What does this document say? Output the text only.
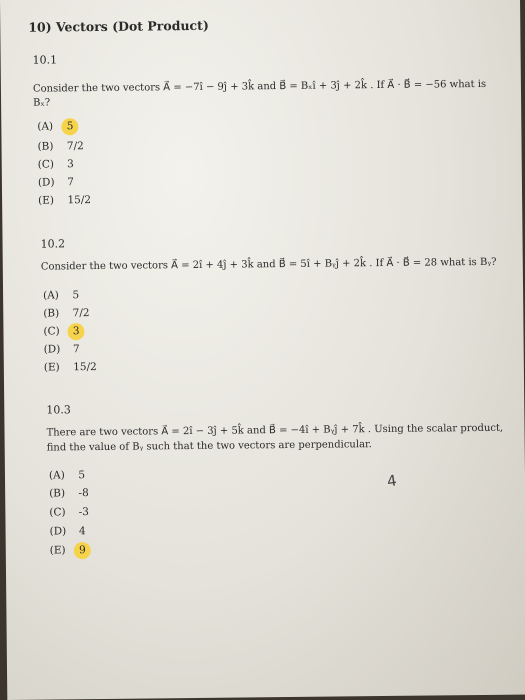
10) Vectors (Dot Product)
10.1
Consider the two vectors A⃗ = −7î − 9ĵ + 3k̂ and B⃗ = Bₓî + 3ĵ + 2k̂ . If A⃗ · B⃗ = −56 what is
Bₓ?
(A) 5
(B) 7/2
(C) 3
(D) 7
(E) 15/2
10.2
Consider the two vectors A⃗ = 2î + 4ĵ + 3k̂ and B⃗ = 5î + Bᵧĵ + 2k̂ . If A⃗ · B⃗ = 28 what is Bᵧ?
(A) 5
(B) 7/2
(C) 3
(D) 7
(E) 15/2
10.3
There are two vectors A⃗ = 2î − 3ĵ + 5k̂ and B⃗ = −4î + Bᵧĵ + 7k̂ . Using the scalar product,
find the value of Bᵧ such that the two vectors are perpendicular.
(A) 5
(B) -8
(C) -3
(D) 4
(E) 9
4
